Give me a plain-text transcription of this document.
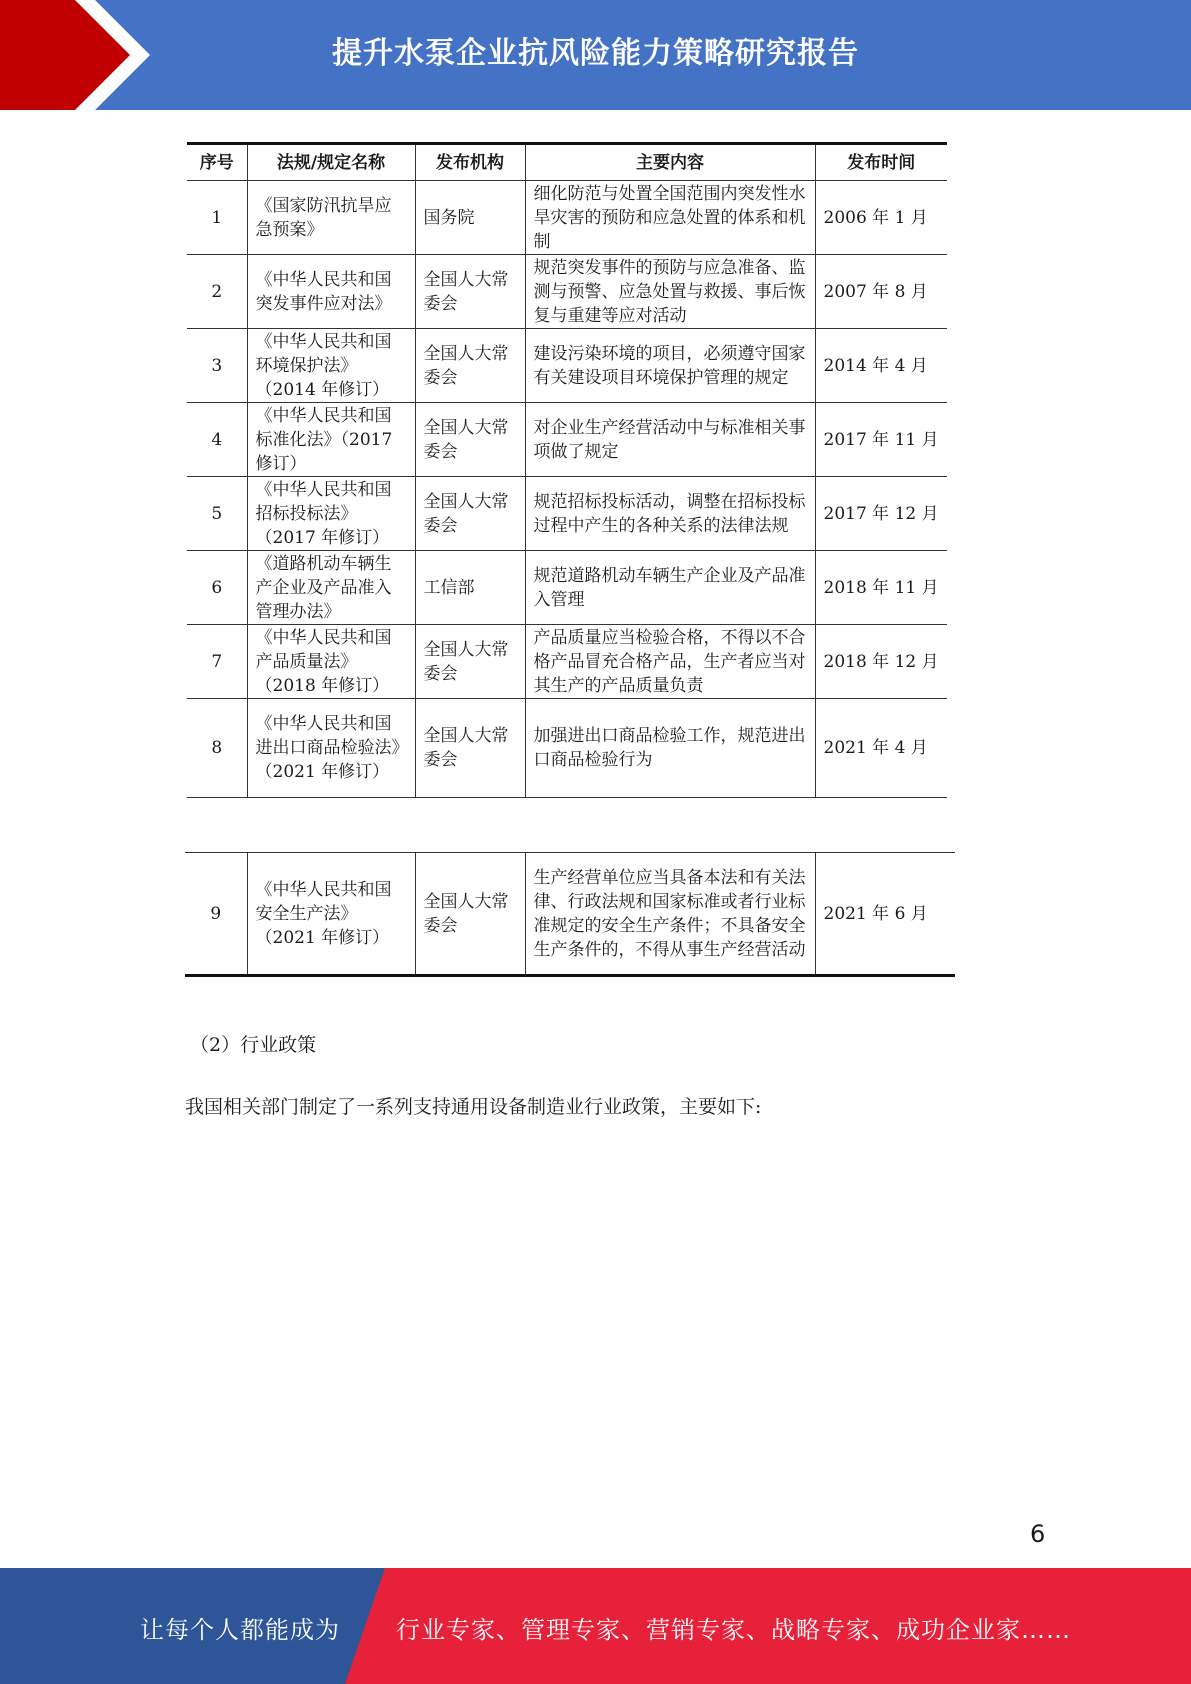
提升水泵企业抗风险能力策略研究报告
序号	法规/规定名称	发布机构	主要内容	发布时间
1	《国家防汛抗旱应急预案》	国务院	细化防范与处置全国范围内突发性水旱灾害的预防和应急处置的体系和机制	2006 年 1 月
2	《中华人民共和国突发事件应对法》	全国人大常委会	规范突发事件的预防与应急准备、监测与预警、应急处置与救援、事后恢复与重建等应对活动	2007 年 8 月
3	《中华人民共和国环境保护法》（2014 年修订）	全国人大常委会	建设污染环境的项目，必须遵守国家有关建设项目环境保护管理的规定	2014 年 4 月
4	《中华人民共和国标准化法》（2017 修订）	全国人大常委会	对企业生产经营活动中与标准相关事项做了规定	2017 年 11 月
5	《中华人民共和国招标投标法》（2017 年修订）	全国人大常委会	规范招标投标活动，调整在招标投标过程中产生的各种关系的法律法规	2017 年 12 月
6	《道路机动车辆生产企业及产品准入管理办法》	工信部	规范道路机动车辆生产企业及产品准入管理	2018 年 11 月
7	《中华人民共和国产品质量法》（2018 年修订）	全国人大常委会	产品质量应当检验合格，不得以不合格产品冒充合格产品，生产者应当对其生产的产品质量负责	2018 年 12 月
8	《中华人民共和国进出口商品检验法》（2021 年修订）	全国人大常委会	加强进出口商品检验工作，规范进出口商品检验行为	2021 年 4 月
9	《中华人民共和国安全生产法》（2021 年修订）	全国人大常委会	生产经营单位应当具备本法和有关法律、行政法规和国家标准或者行业标准规定的安全生产条件；不具备安全生产条件的，不得从事生产经营活动	2021 年 6 月
（2）行业政策
我国相关部门制定了一系列支持通用设备制造业行业政策，主要如下:
6
让每个人都能成为 行业专家、管理专家、营销专家、战略专家、成功企业家……
